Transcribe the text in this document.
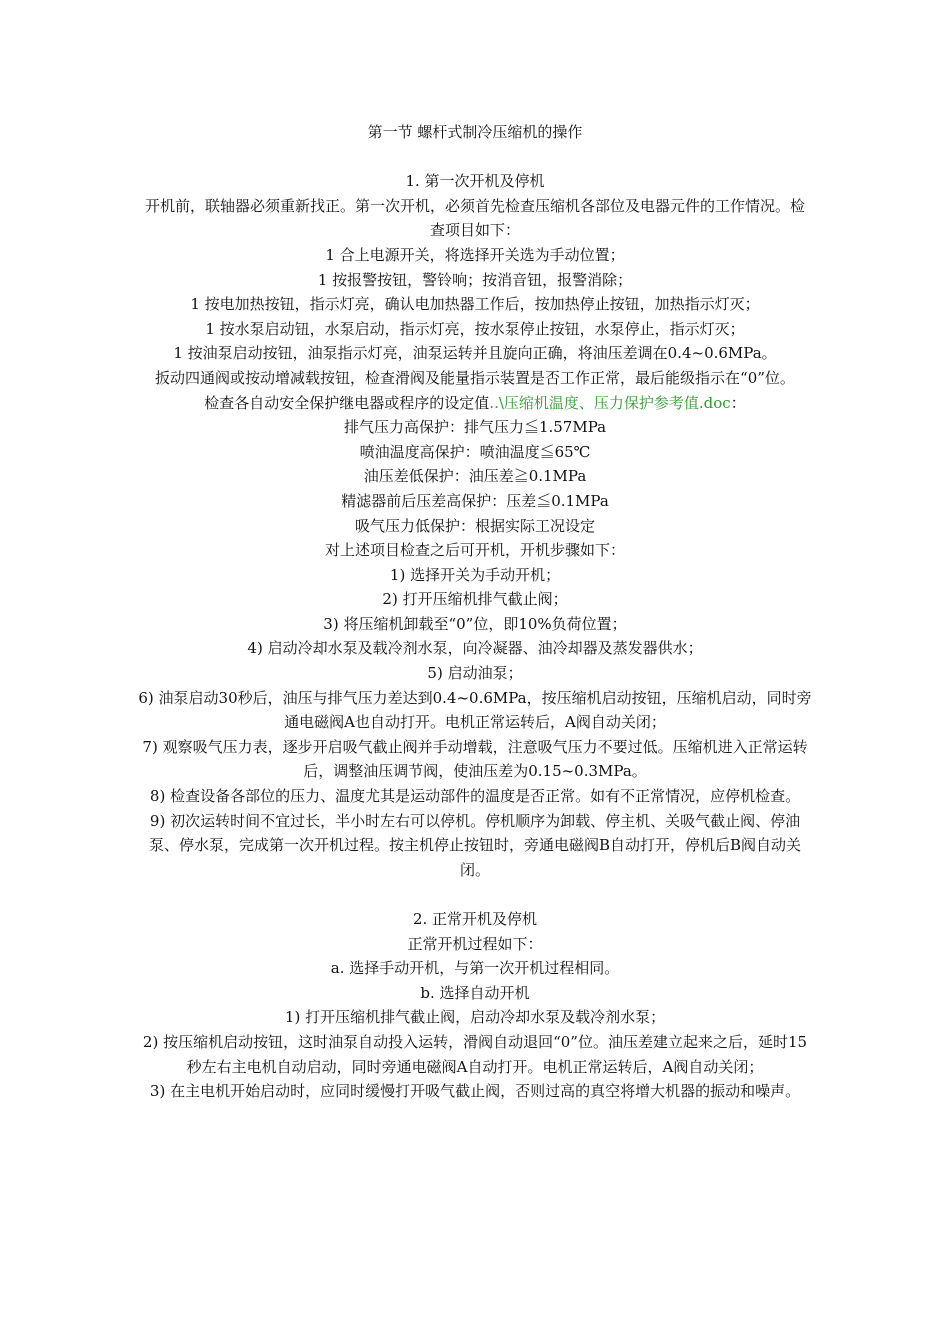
第一节 螺杆式制冷压缩机的操作

1. 第一次开机及停机

开机前，联轴器必须重新找正。第一次开机，必须首先检查压缩机各部位及电器元件的工作情况。检查项目如下：

1 合上电源开关，将选择开关选为手动位置；

1 按报警按钮，警铃响；按消音钮，报警消除；

1 按电加热按钮，指示灯亮，确认电加热器工作后，按加热停止按钮，加热指示灯灭；

1 按水泵启动钮，水泵启动，指示灯亮，按水泵停止按钮，水泵停止，指示灯灭；

1 按油泵启动按钮，油泵指示灯亮，油泵运转并且旋向正确，将油压差调在0.4~0.6MPa。

扳动四通阀或按动增减载按钮，检查滑阀及能量指示装置是否工作正常，最后能级指示在“0”位。

检查各自动安全保护继电器或程序的设定值..\压缩机温度、压力保护参考值.doc：

排气压力高保护：排气压力≦1.57MPa

喷油温度高保护：喷油温度≦65℃

油压差低保护：油压差≧0.1MPa

精滤器前后压差高保护：压差≦0.1MPa

吸气压力低保护：根据实际工况设定

对上述项目检查之后可开机，开机步骤如下：

1) 选择开关为手动开机；

2) 打开压缩机排气截止阀；

3) 将压缩机卸载至“0”位，即10%负荷位置；

4) 启动冷却水泵及载冷剂水泵，向冷凝器、油冷却器及蒸发器供水；

5) 启动油泵；

6) 油泵启动30秒后，油压与排气压力差达到0.4~0.6MPa，按压缩机启动按钮，压缩机启动，同时旁通电磁阀A也自动打开。电机正常运转后，A阀自动关闭；

7) 观察吸气压力表，逐步开启吸气截止阀并手动增载，注意吸气压力不要过低。压缩机进入正常运转后，调整油压调节阀，使油压差为0.15~0.3MPa。

8) 检查设备各部位的压力、温度尤其是运动部件的温度是否正常。如有不正常情况，应停机检查。

9) 初次运转时间不宜过长，半小时左右可以停机。停机顺序为卸载、停主机、关吸气截止阀、停油泵、停水泵，完成第一次开机过程。按主机停止按钮时，旁通电磁阀B自动打开，停机后B阀自动关闭。

2. 正常开机及停机

正常开机过程如下：

a. 选择手动开机，与第一次开机过程相同。

b. 选择自动开机

1) 打开压缩机排气截止阀，启动冷却水泵及载冷剂水泵；

2) 按压缩机启动按钮，这时油泵自动投入运转，滑阀自动退回“0”位。油压差建立起来之后，延时15秒左右主电机自动启动，同时旁通电磁阀A自动打开。电机正常运转后，A阀自动关闭；

3) 在主电机开始启动时，应同时缓慢打开吸气截止阀，否则过高的真空将增大机器的振动和噪声。
